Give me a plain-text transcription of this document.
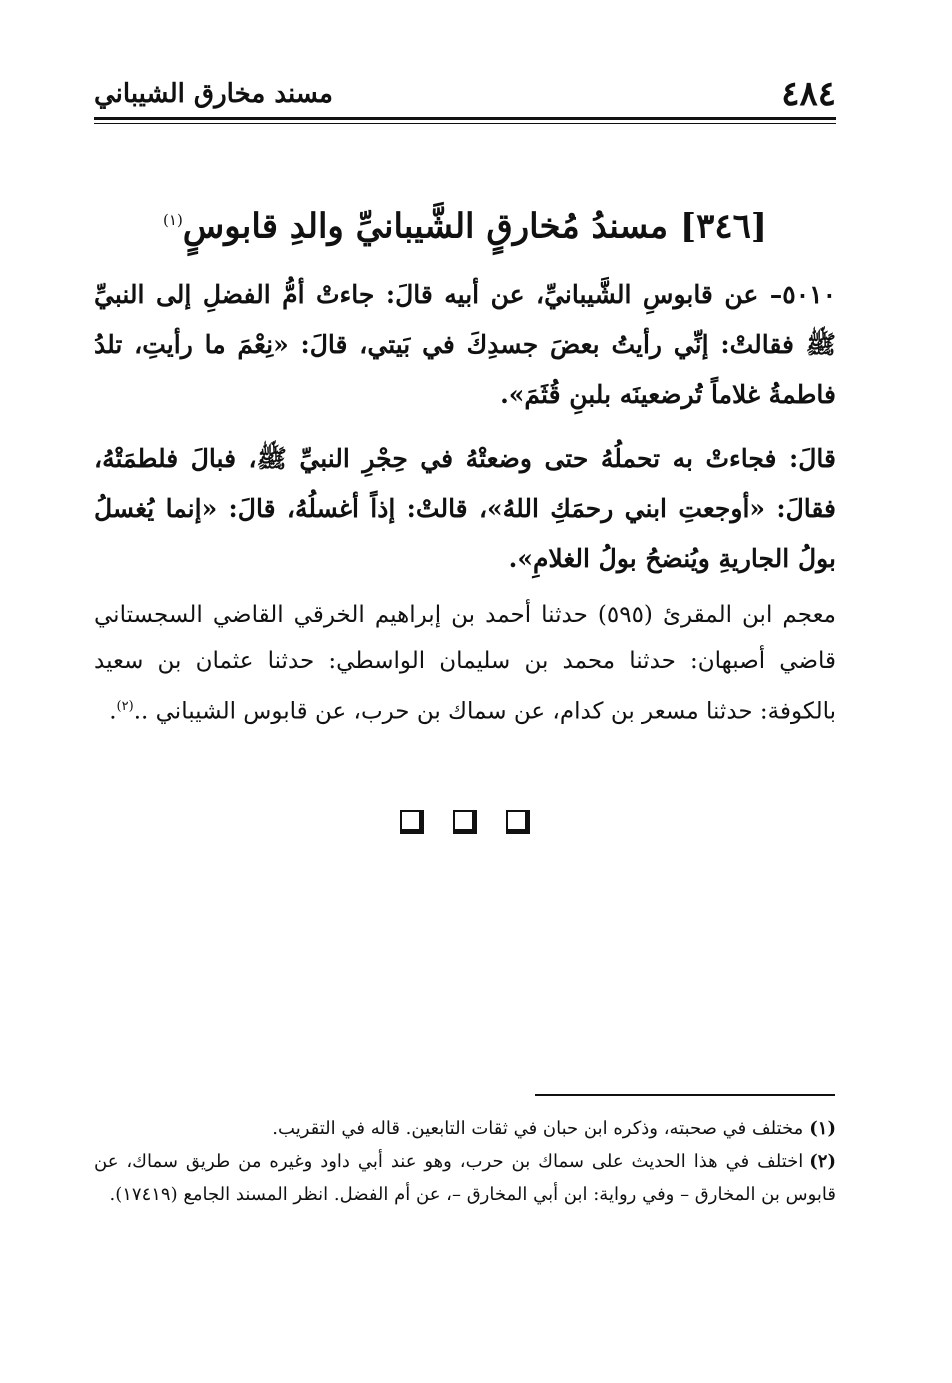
٤٨٤
مسند مخارق الشيباني
[٣٤٦] مسندُ مُخارقٍ الشَّيبانيِّ والدِ قابوسٍ$^{(١)}$

٥٠١٠– عن قابوسِ الشَّيبانيِّ، عن أبيه قالَ: جاءتْ أمُّ الفضلِ إلى النبيِّ ﷺ فقالتْ: إنِّي رأيتُ بعضَ جسدِكَ في بَيتي، قالَ: «نِعْمَ ما رأيتِ، تلدُ فاطمةُ غلاماً تُرضعينَه بلبنِ قُثَمَ».

قالَ: فجاءتْ به تحملُهُ حتى وضعتْهُ في حِجْرِ النبيِّ ﷺ، فبالَ فلطمَتْهُ، فقالَ: «أوجعتِ ابني رحمَكِ اللهُ»، قالتْ: إذاً أغسلُهُ، قالَ: «إنما يُغسلُ بولُ الجاريةِ ويُنضحُ بولُ الغلامِ».

معجم ابن المقرئ (٥٩٥) حدثنا أحمد بن إبراهيم الخرقي القاضي السجستاني قاضي أصبهان: حدثنا محمد بن سليمان الواسطي: حدثنا عثمان بن سعيد بالكوفة: حدثنا مسعر بن كدام، عن سماك بن حرب، عن قابوس الشيباني ..$^{(٢)}$.

(١)مختلف في صحبته، وذكره ابن حبان في ثقات التابعين. قاله في التقريب.

(٢)اختلف في هذا الحديث على سماك بن حرب، وهو عند أبي داود وغيره من طريق سماك، عن قابوس بن المخارق – وفي رواية: ابن أبي المخارق –، عن أم الفضل. انظر المسند الجامع (١٧٤١٩).
